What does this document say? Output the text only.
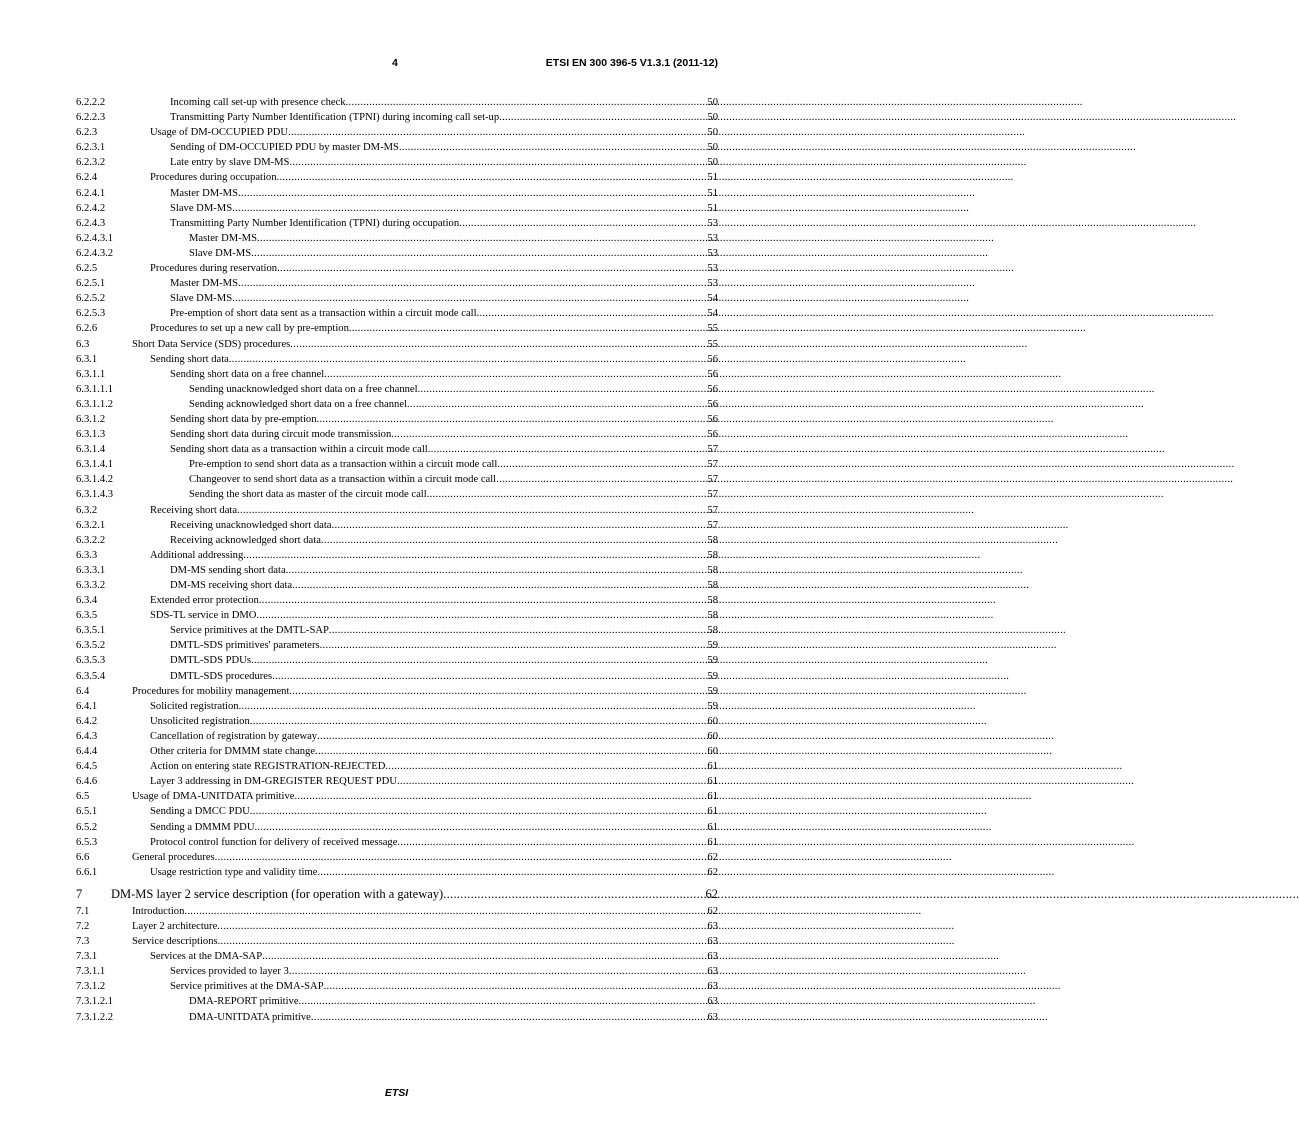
4	ETSI EN 300 396-5 V1.3.1 (2011-12)
6.2.2.2	Incoming call set-up with presence check .....	50
6.2.2.3	Transmitting Party Number Identification (TPNI) during incoming call set-up .....	50
6.2.3	Usage of DM-OCCUPIED PDU .....	50
6.2.3.1	Sending of DM-OCCUPIED PDU by master DM-MS .....	50
6.2.3.2	Late entry by slave DM-MS .....	50
6.2.4	Procedures during occupation .....	51
6.2.4.1	Master DM-MS .....	51
6.2.4.2	Slave DM-MS .....	51
6.2.4.3	Transmitting Party Number Identification (TPNI) during occupation .....	53
6.2.4.3.1	Master DM-MS .....	53
6.2.4.3.2	Slave DM-MS .....	53
6.2.5	Procedures during reservation .....	53
6.2.5.1	Master DM-MS .....	53
6.2.5.2	Slave DM-MS .....	54
6.2.5.3	Pre-emption of short data sent as a transaction within a circuit mode call .....	54
6.2.6	Procedures to set up a new call by pre-emption .....	55
6.3	Short Data Service (SDS) procedures .....	55
6.3.1	Sending short data .....	56
6.3.1.1	Sending short data on a free channel .....	56
6.3.1.1.1	Sending unacknowledged short data on a free channel .....	56
6.3.1.1.2	Sending acknowledged short data on a free channel .....	56
6.3.1.2	Sending short data by pre-emption .....	56
6.3.1.3	Sending short data during circuit mode transmission .....	56
6.3.1.4	Sending short data as a transaction within a circuit mode call .....	57
6.3.1.4.1	Pre-emption to send short data as a transaction within a circuit mode call .....	57
6.3.1.4.2	Changeover to send short data as a transaction within a circuit mode call .....	57
6.3.1.4.3	Sending the short data as master of the circuit mode call .....	57
6.3.2	Receiving short data .....	57
6.3.2.1	Receiving unacknowledged short data .....	57
6.3.2.2	Receiving acknowledged short data .....	58
6.3.3	Additional addressing .....	58
6.3.3.1	DM-MS sending short data .....	58
6.3.3.2	DM-MS receiving short data .....	58
6.3.4	Extended error protection .....	58
6.3.5	SDS-TL service in DMO .....	58
6.3.5.1	Service primitives at the DMTL-SAP .....	58
6.3.5.2	DMTL-SDS primitives' parameters .....	59
6.3.5.3	DMTL-SDS PDUs .....	59
6.3.5.4	DMTL-SDS procedures .....	59
6.4	Procedures for mobility management .....	59
6.4.1	Solicited registration .....	59
6.4.2	Unsolicited registration .....	60
6.4.3	Cancellation of registration by gateway .....	60
6.4.4	Other criteria for DMMM state change .....	60
6.4.5	Action on entering state REGISTRATION-REJECTED .....	61
6.4.6	Layer 3 addressing in DM-GREGISTER REQUEST PDU .....	61
6.5	Usage of DMA-UNITDATA primitive .....	61
6.5.1	Sending a DMCC PDU .....	61
6.5.2	Sending a DMMM PDU .....	61
6.5.3	Protocol control function for delivery of received message .....	61
6.6	General procedures .....	62
6.6.1	Usage restriction type and validity time .....	62
7 DM-MS layer 2 service description (for operation with a gateway) .....	62
7.1	Introduction .....	62
7.2	Layer 2 architecture .....	63
7.3	Service descriptions .....	63
7.3.1	Services at the DMA-SAP .....	63
7.3.1.1	Services provided to layer 3 .....	63
7.3.1.2	Service primitives at the DMA-SAP .....	63
7.3.1.2.1	DMA-REPORT primitive .....	63
7.3.1.2.2	DMA-UNITDATA primitive .....	63
ETSI
